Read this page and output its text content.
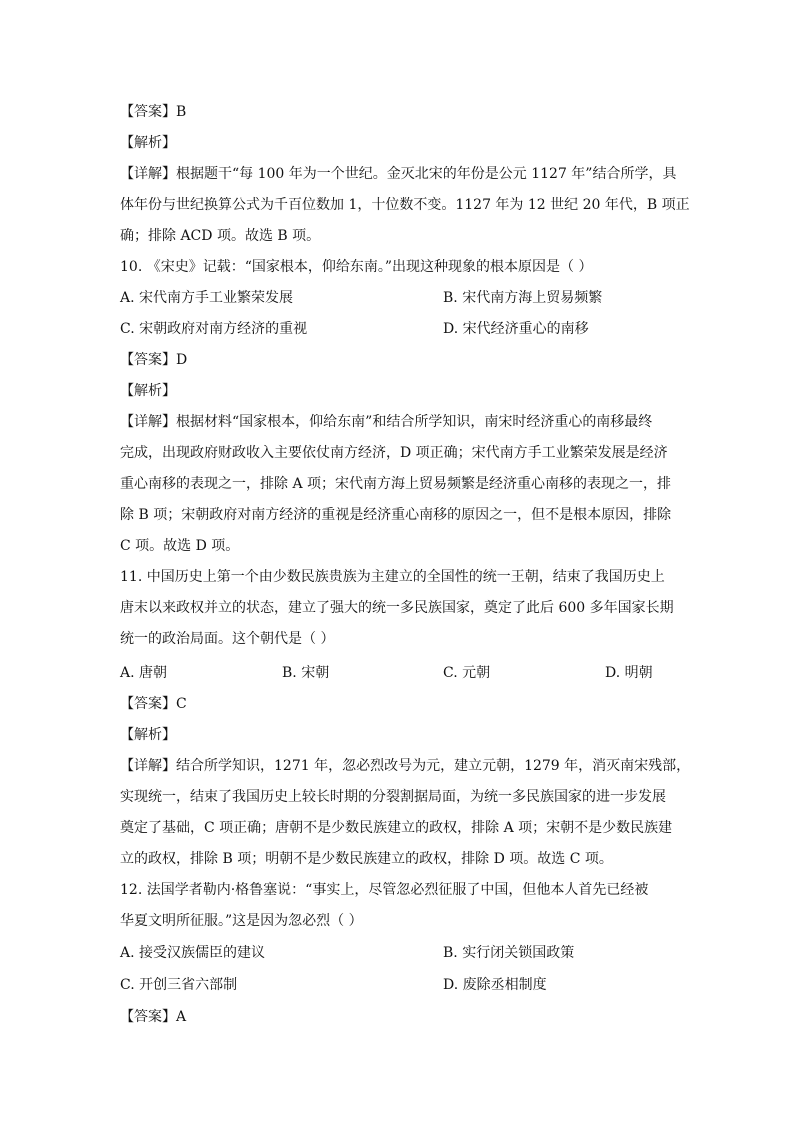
【答案】B
【解析】
【详解】根据题干“每 100 年为一个世纪。金灭北宋的年份是公元 1127 年”结合所学，具
体年份与世纪换算公式为千百位数加 1，十位数不变。1127 年为 12 世纪 20 年代，B 项正
确；排除 ACD 项。故选 B 项。
10. 《宋史》记载：“国家根本，仰给东南。”出现这种现象的根本原因是（ ）
A. 宋代南方手工业繁荣发展	B. 宋代南方海上贸易频繁
C. 宋朝政府对南方经济的重视	D. 宋代经济重心的南移
【答案】D
【解析】
【详解】根据材料“国家根本，仰给东南”和结合所学知识，南宋时经济重心的南移最终
完成，出现政府财政收入主要依仗南方经济，D 项正确；宋代南方手工业繁荣发展是经济
重心南移的表现之一，排除 A 项；宋代南方海上贸易频繁是经济重心南移的表现之一，排
除 B 项；宋朝政府对南方经济的重视是经济重心南移的原因之一，但不是根本原因，排除
C 项。故选 D 项。
11. 中国历史上第一个由少数民族贵族为主建立的全国性的统一王朝，结束了我国历史上
唐末以来政权并立的状态，建立了强大的统一多民族国家，奠定了此后 600 多年国家长期
统一的政治局面。这个朝代是（ ）
A. 唐朝	B. 宋朝	C. 元朝	D. 明朝
【答案】C
【解析】
【详解】结合所学知识，1271 年，忽必烈改号为元，建立元朝，1279 年，消灭南宋残部，
实现统一，结束了我国历史上较长时期的分裂割据局面，为统一多民族国家的进一步发展
奠定了基础，C 项正确；唐朝不是少数民族建立的政权，排除 A 项；宋朝不是少数民族建
立的政权，排除 B 项；明朝不是少数民族建立的政权，排除 D 项。故选 C 项。
12. 法国学者勒内·格鲁塞说：“事实上，尽管忽必烈征服了中国，但他本人首先已经被
华夏文明所征服。”这是因为忽必烈（ ）
A. 接受汉族儒臣的建议	B. 实行闭关锁国政策
C. 开创三省六部制	D. 废除丞相制度
【答案】A
